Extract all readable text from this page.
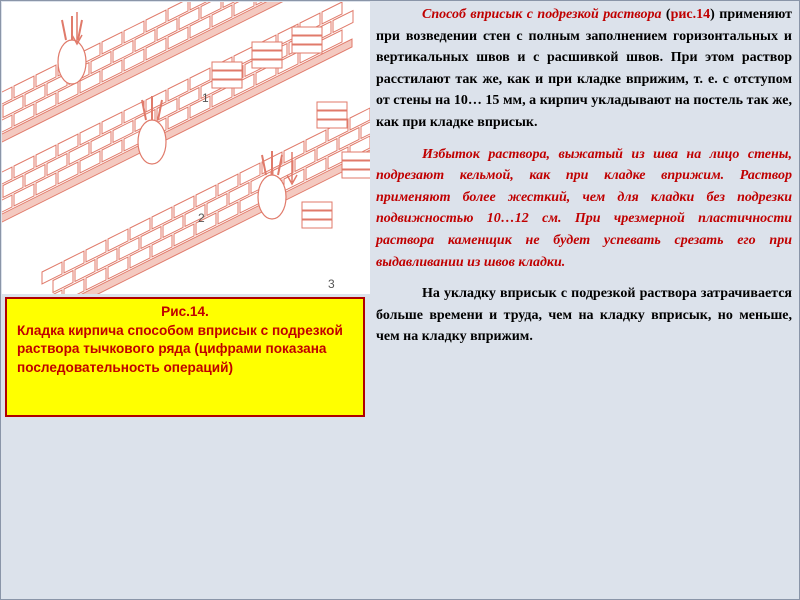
1
2
3
Рис.14.
Кладка кирпича способом вприсык с подрезкой раствора тычкового ряда (цифрами показана последовательность операций)

Способ вприсык с подрезкой раствора (рис.14) применяют при возведении стен с полным заполнением горизонтальных и вертикальных швов и с расшивкой швов. При этом раствор расстилают так же, как и при кладке вприжим, т. е. с отступом от стены на 10… 15 мм, а кирпич укладывают на постель так же, как при кладке вприсык.

Избыток раствора, выжатый из шва на лицо стены, подрезают кельмой, как при кладке вприжим. Раствор применяют более жесткий, чем для кладки без подрезки подвижностью 10…12 см. При чрезмерной пластичности раствора каменщик не будет успевать срезать его при выдавливании из швов кладки.

На укладку вприсык с подрезкой раствора затрачивается больше времени и труда, чем на кладку вприсык, но меньше, чем на кладку вприжим.
